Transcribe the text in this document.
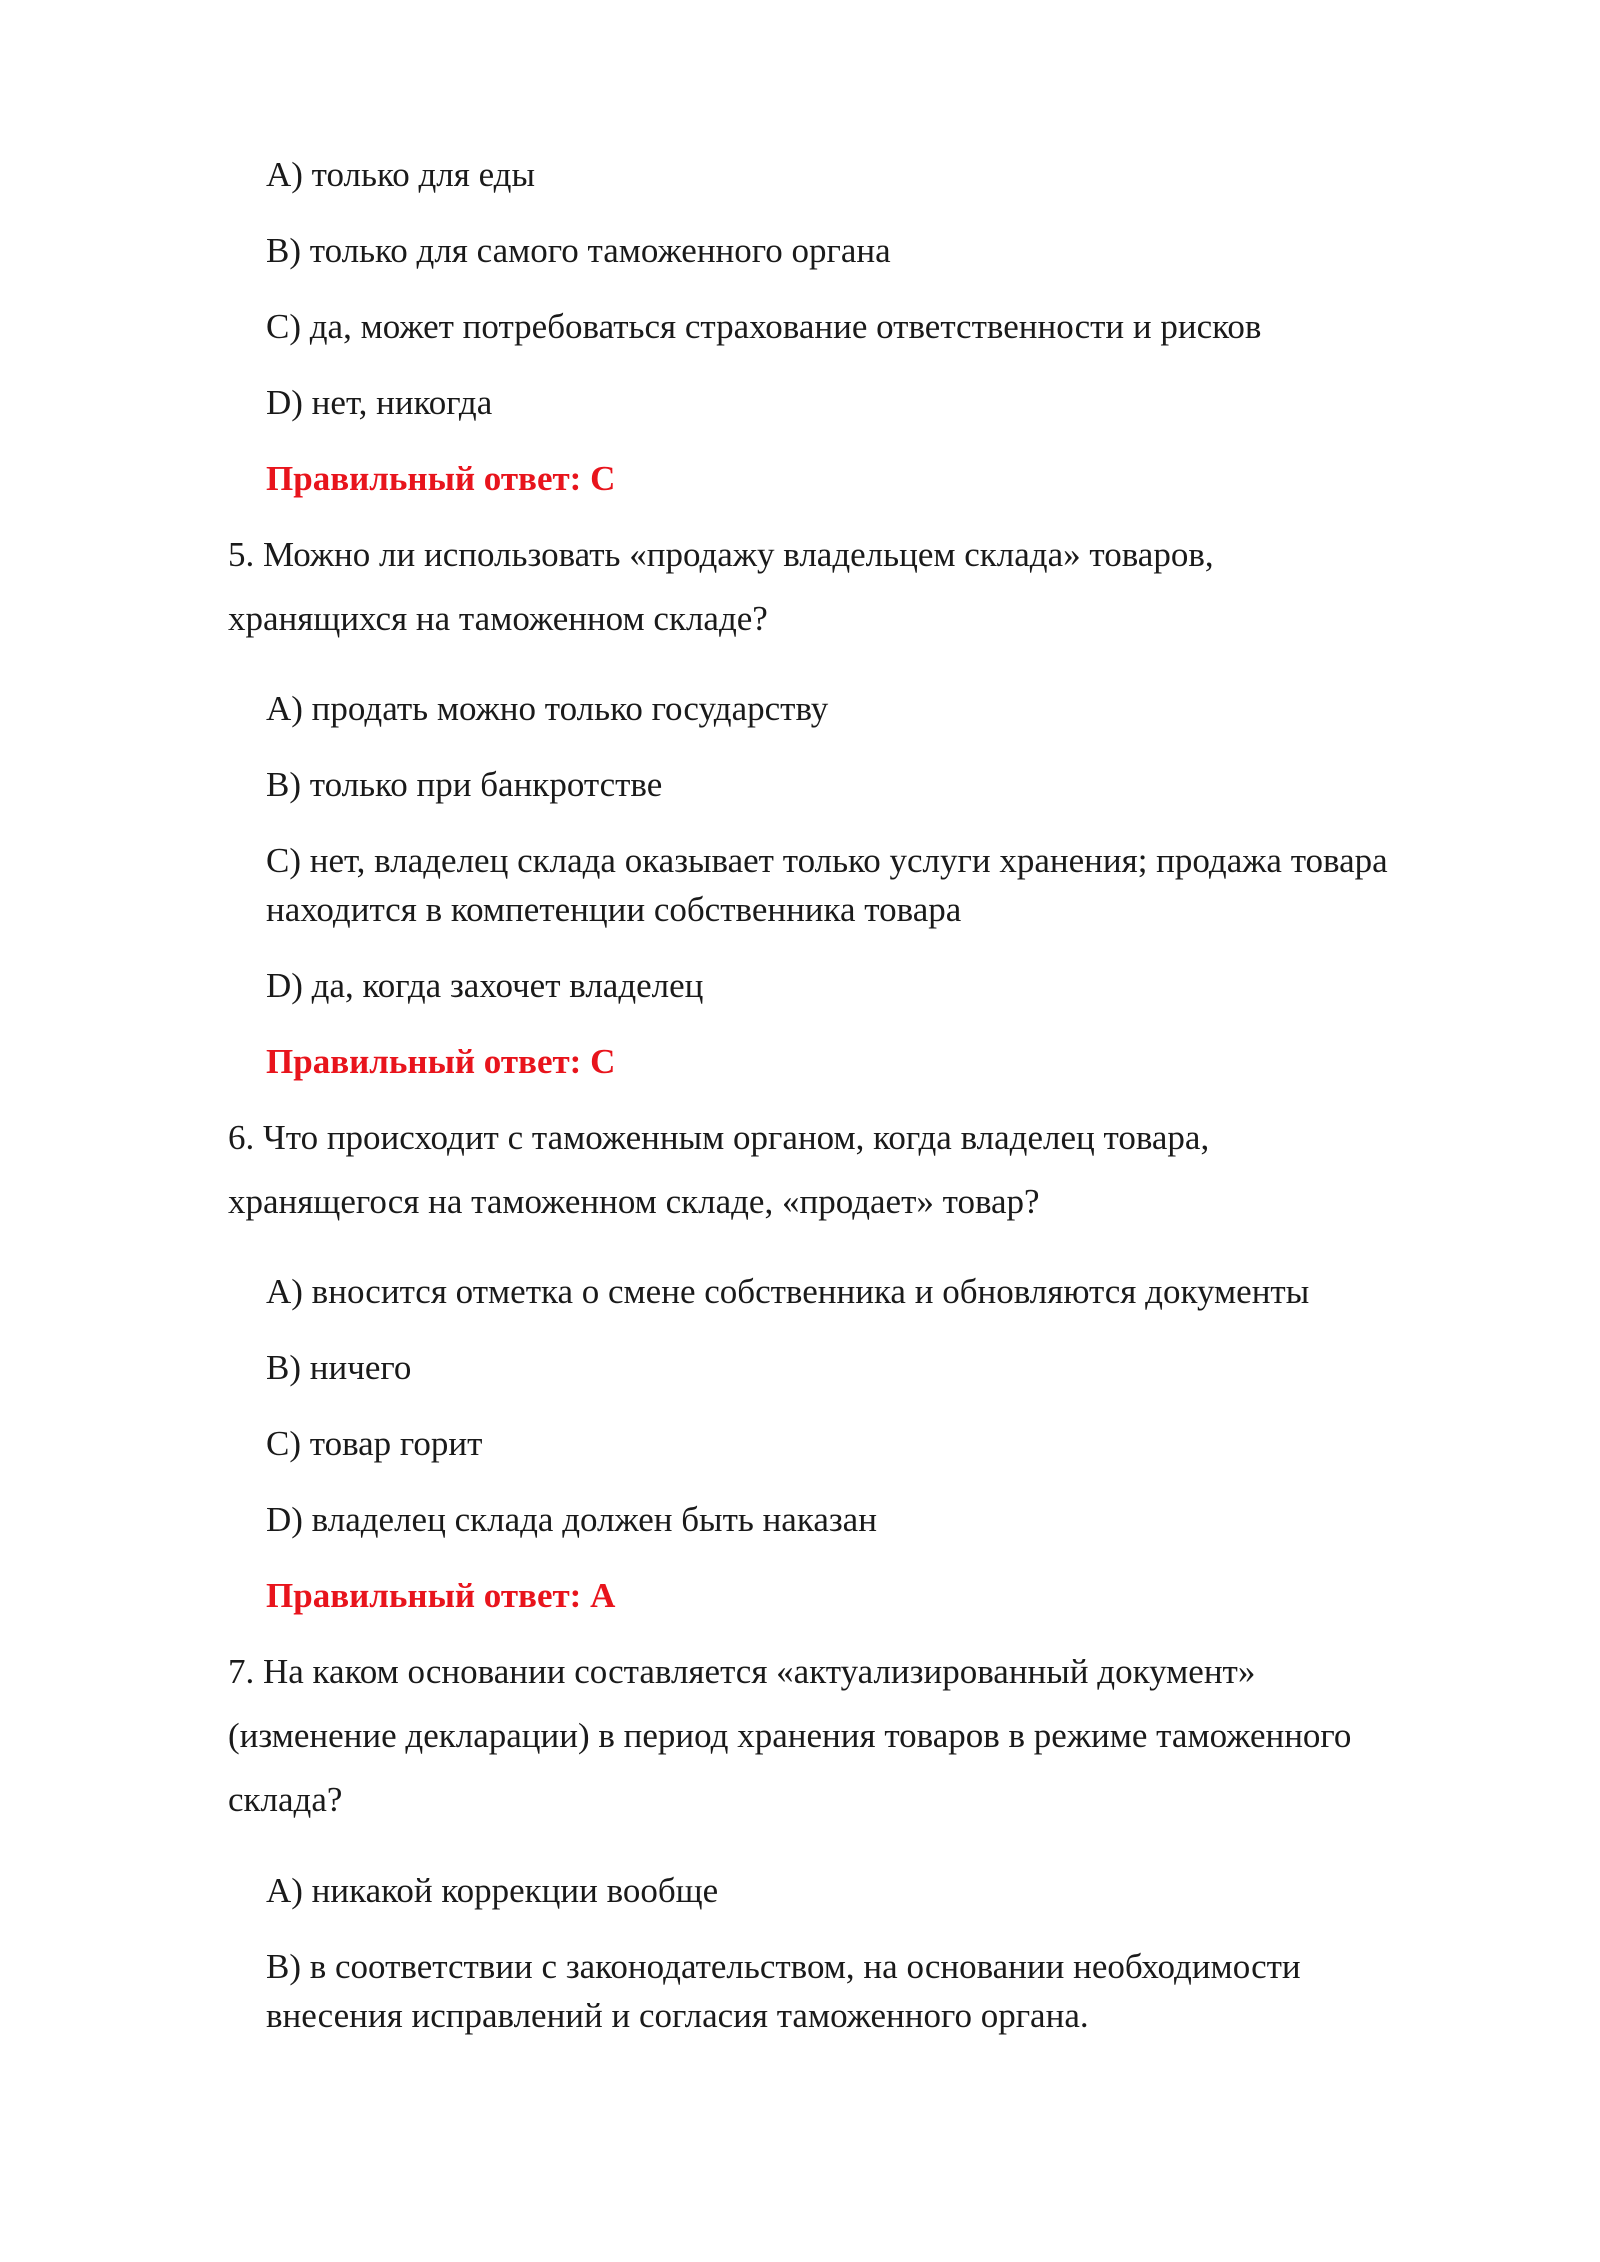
A) только для еды

B) только для самого таможенного органа

C) да, может потребоваться страхование ответственности и рисков

D) нет, никогда

Правильный ответ: C

5. Можно ли использовать «продажу владельцем склада» товаров,

хранящихся на таможенном складе?

A) продать можно только государству

B) только при банкротстве

C) нет, владелец склада оказывает только услуги хранения; продажа товара

находится в компетенции собственника товара

D) да, когда захочет владелец

Правильный ответ: C

6. Что происходит с таможенным органом, когда владелец товара,

хранящегося на таможенном складе, «продает» товар?

A) вносится отметка о смене собственника и обновляются документы

B) ничего

C) товар горит

D) владелец склада должен быть наказан

Правильный ответ: A

7. На каком основании составляется «актуализированный документ»

(изменение декларации) в период хранения товаров в режиме таможенного

склада?

A) никакой коррекции вообще

B) в соответствии с законодательством, на основании необходимости

внесения исправлений и согласия таможенного органа.
